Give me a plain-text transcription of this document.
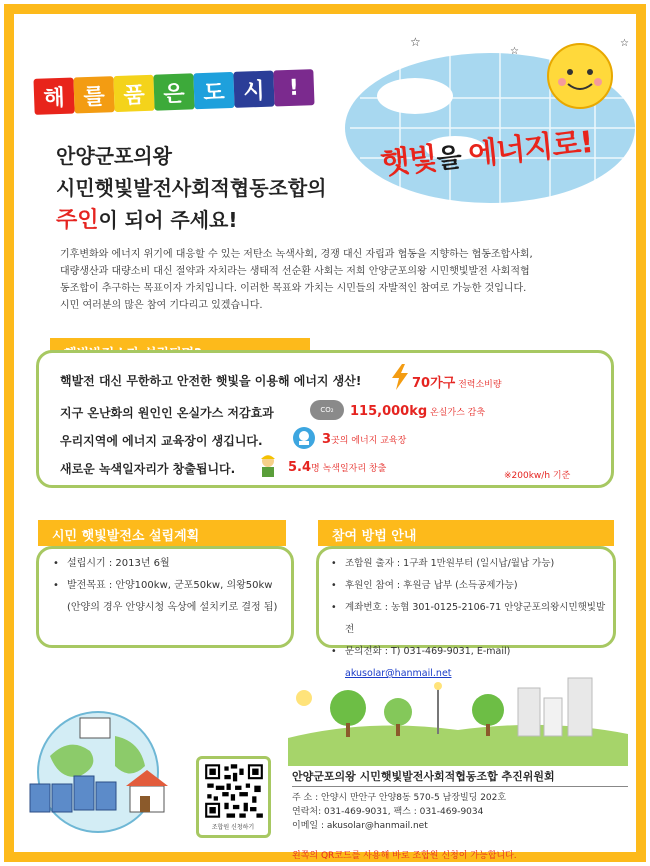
해 를 품 은 도 시	!
☆
☆
☆
햇빛을 에너지로!
안양군포의왕
시민햇빛발전사회적협동조합의
주인이 되어 주세요!
기후변화와 에너지 위기에 대응할 수 있는 저탄소 녹색사회, 경쟁 대신 자립과 협동을 지향하는 협동조합사회,
대량생산과 대량소비 대신 절약과 자치라는 생태적 선순환 사회는 저희 안양군포의왕 시민햇빛발전 사회적협
동조합이 추구하는 목표이자 가치입니다. 이러한 목표와 가치는 시민들의 자발적인 참여로 가능한 것입니다.
시민 여러분의 많은 참여 기다리고 있겠습니다.
핵발전 대신 무한하고 안전한 햇빛을 이용해 에너지 생산!	70가구 전력소비량
지구 온난화의 원인인 온실가스 저감효과	CO₂	115,000kg 온실가스 감축
우리지역에 에너지 교육장이 생깁니다.	3곳의 에너지 교육장
새로운 녹색일자리가 창출됩니다.	5.4명 녹색일자리 창출
※200kw/h 기준
시민 햇빛발전소 설립계획
• 설립시기 : 2013년 6월
• 발전목표 : 안양100kw, 군포50kw, 의왕50kw
(안양의 경우 안양시청 옥상에 설치키로 결정 됨)
참여 방법 안내
• 조합원 출자 : 1구좌 1만원부터 (일시납/월납 가능)
• 후원인 참여 : 후원금 납부 (소득공제가능)
• 계좌번호 : 농협 301-0125-2106-71 안양군포의왕시민햇빛발전
• 문의전화 : T) 031-469-9031, E-mail) akusolar@hanmail.net
조합원 신청하기
안양군포의왕 시민햇빛발전사회적협동조합 추진위원회
주 소 : 안양시 만안구 안양8동 570-5 남장빌딩 202호
연락처: 031-469-9031, 팩스 : 031-469-9034
이메일 : akusolar@hanmail.net
왼쪽의 QR코드를 사용해 바로 조합원 신청이 가능합니다.
